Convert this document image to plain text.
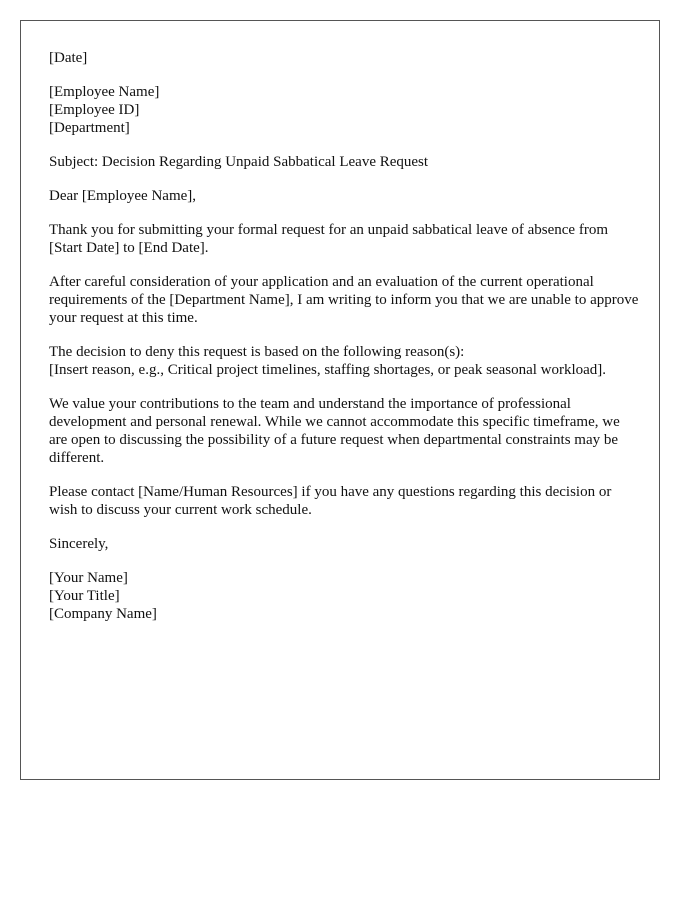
[Date]

[Employee Name]
[Employee ID]
[Department]

Subject: Decision Regarding Unpaid Sabbatical Leave Request

Dear [Employee Name],

Thank you for submitting your formal request for an unpaid sabbatical leave of absence from [Start Date] to [End Date].

After careful consideration of your application and an evaluation of the current operational requirements of the [Department Name], I am writing to inform you that we are unable to approve your request at this time.

The decision to deny this request is based on the following reason(s):
[Insert reason, e.g., Critical project timelines, staffing shortages, or peak seasonal workload].

We value your contributions to the team and understand the importance of professional development and personal renewal. While we cannot accommodate this specific timeframe, we are open to discussing the possibility of a future request when departmental constraints may be different.

Please contact [Name/Human Resources] if you have any questions regarding this decision or wish to discuss your current work schedule.

Sincerely,

[Your Name]
[Your Title]
[Company Name]
